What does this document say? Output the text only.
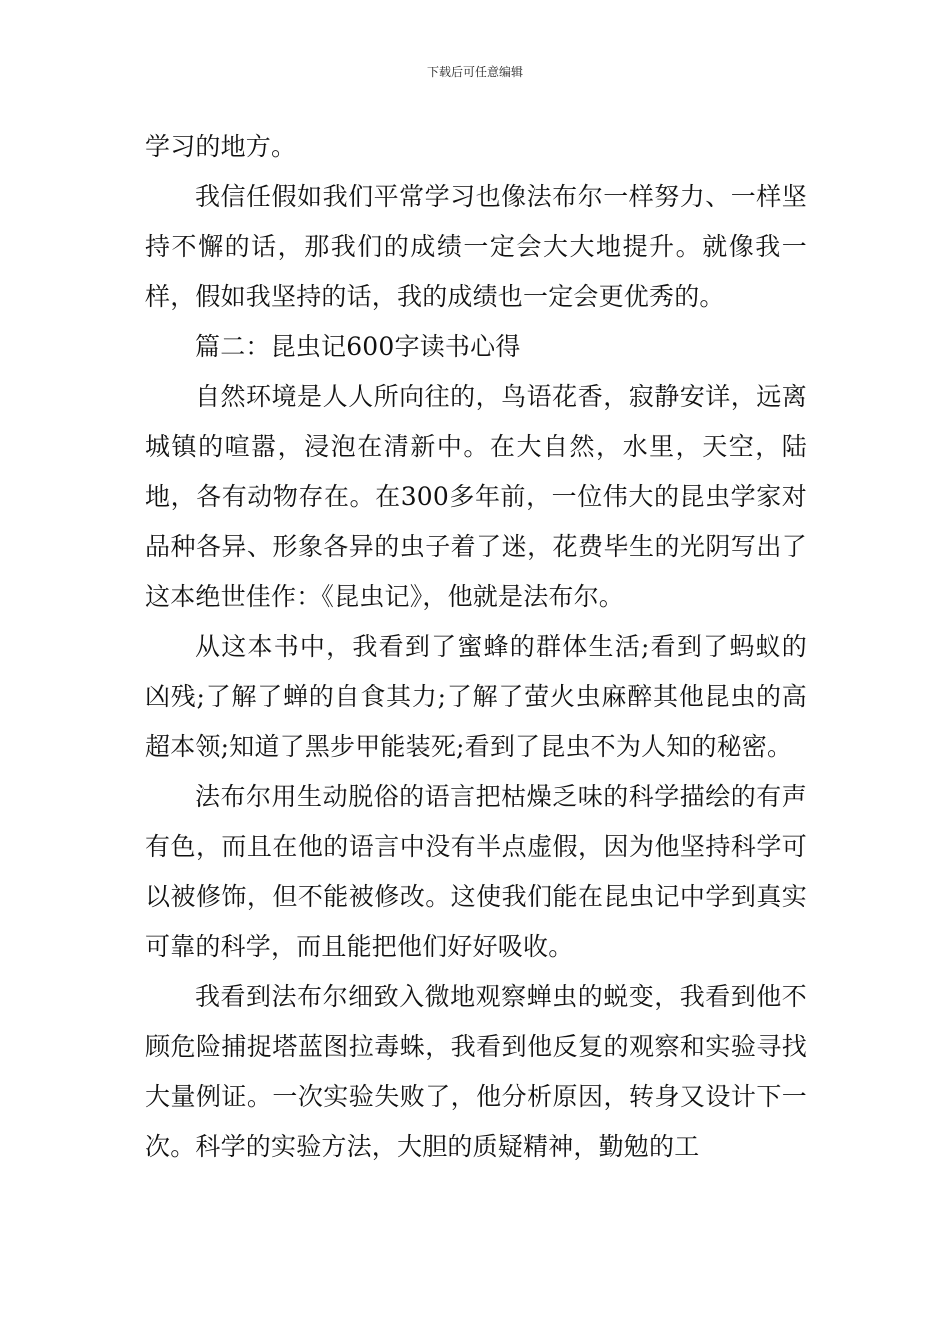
下载后可任意编辑

学习的地方。

我信任假如我们平常学习也像法布尔一样努力、一样坚持不懈的话，那我们的成绩一定会大大地提升。就像我一样，假如我坚持的话，我的成绩也一定会更优秀的。

篇二：昆虫记600字读书心得

自然环境是人人所向往的，鸟语花香，寂静安详，远离城镇的喧嚣，浸泡在清新中。在大自然，水里，天空，陆地，各有动物存在。在300多年前，一位伟大的昆虫学家对品种各异、形象各异的虫子着了迷，花费毕生的光阴写出了这本绝世佳作：《昆虫记》，他就是法布尔。

从这本书中，我看到了蜜蜂的群体生活;看到了蚂蚁的凶残;了解了蝉的自食其力;了解了萤火虫麻醉其他昆虫的高超本领;知道了黑步甲能装死;看到了昆虫不为人知的秘密。

法布尔用生动脱俗的语言把枯燥乏味的科学描绘的有声有色，而且在他的语言中没有半点虚假，因为他坚持科学可以被修饰，但不能被修改。这使我们能在昆虫记中学到真实可靠的科学，而且能把他们好好吸收。

我看到法布尔细致入微地观察蝉虫的蜕变，我看到他不顾危险捕捉塔蓝图拉毒蛛，我看到他反复的观察和实验寻找大量例证。一次实验失败了，他分析原因，转身又设计下一次。科学的实验方法，大胆的质疑精神，勤勉的工
